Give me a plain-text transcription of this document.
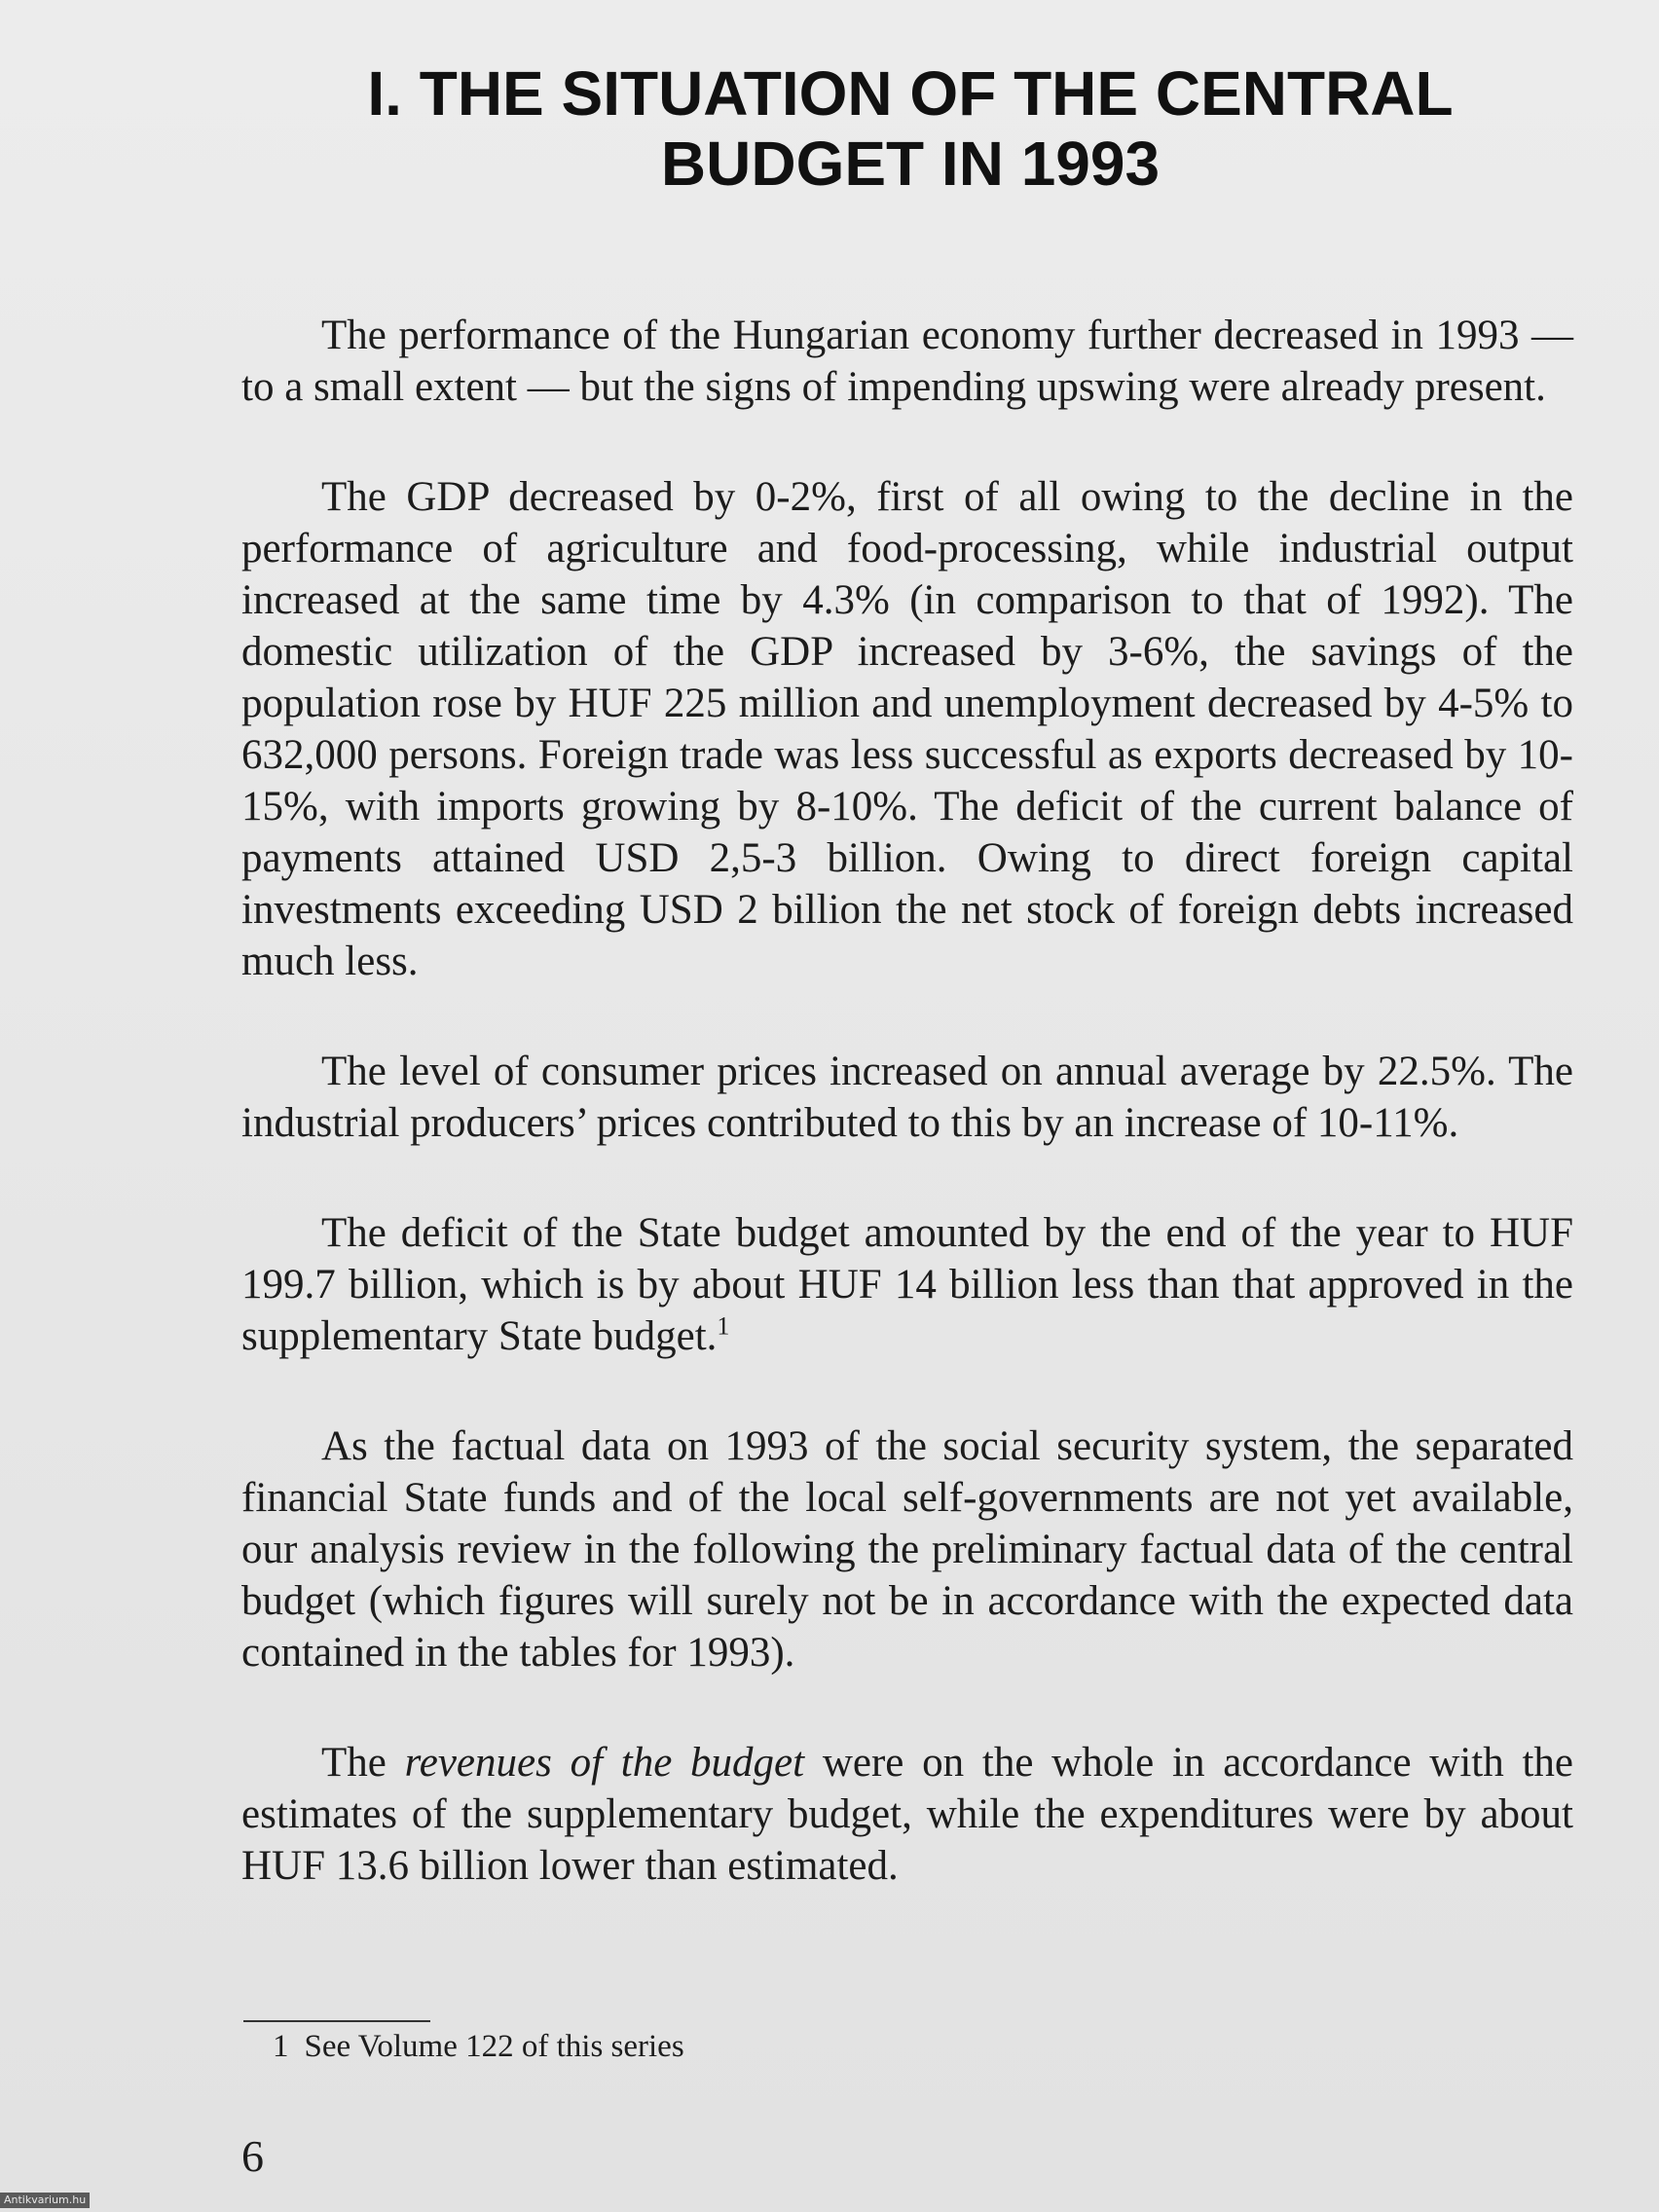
I. THE SITUATION OF THE CENTRAL
BUDGET IN 1993

The performance of the Hungarian economy further decreased in 1993 — to a small extent — but the signs of impending upswing were already present.

The GDP decreased by 0-2%, first of all owing to the decline in the performance of agriculture and food-processing, while industrial output increased at the same time by 4.3% (in comparison to that of 1992). The domestic utilization of the GDP increased by 3-6%, the savings of the population rose by HUF 225 million and unemployment decreased by 4-5% to 632,000 persons. Foreign trade was less successful as exports decreased by 10-15%, with imports growing by 8-10%. The deficit of the current balance of payments attained USD 2,5-3 billion. Owing to direct foreign capital investments exceeding USD 2 billion the net stock of foreign debts increased much less.

The level of consumer prices increased on annual average by 22.5%. The industrial producers’ prices contributed to this by an increase of 10-11%.

The deficit of the State budget amounted by the end of the year to HUF 199.7 billion, which is by about HUF 14 billion less than that approved in the supplementary State budget.$^1$

As the factual data on 1993 of the social security system, the separated financial State funds and of the local self-governments are not yet available, our analysis review in the following the preliminary factual data of the central budget (which figures will surely not be in accordance with the expected data contained in the tables for 1993).

The revenues of the budget were on the whole in accordance with the estimates of the supplementary budget, while the expenditures were by about HUF 13.6 billion lower than estimated.

1 See Volume 122 of this series
6
Antikvarium.hu
